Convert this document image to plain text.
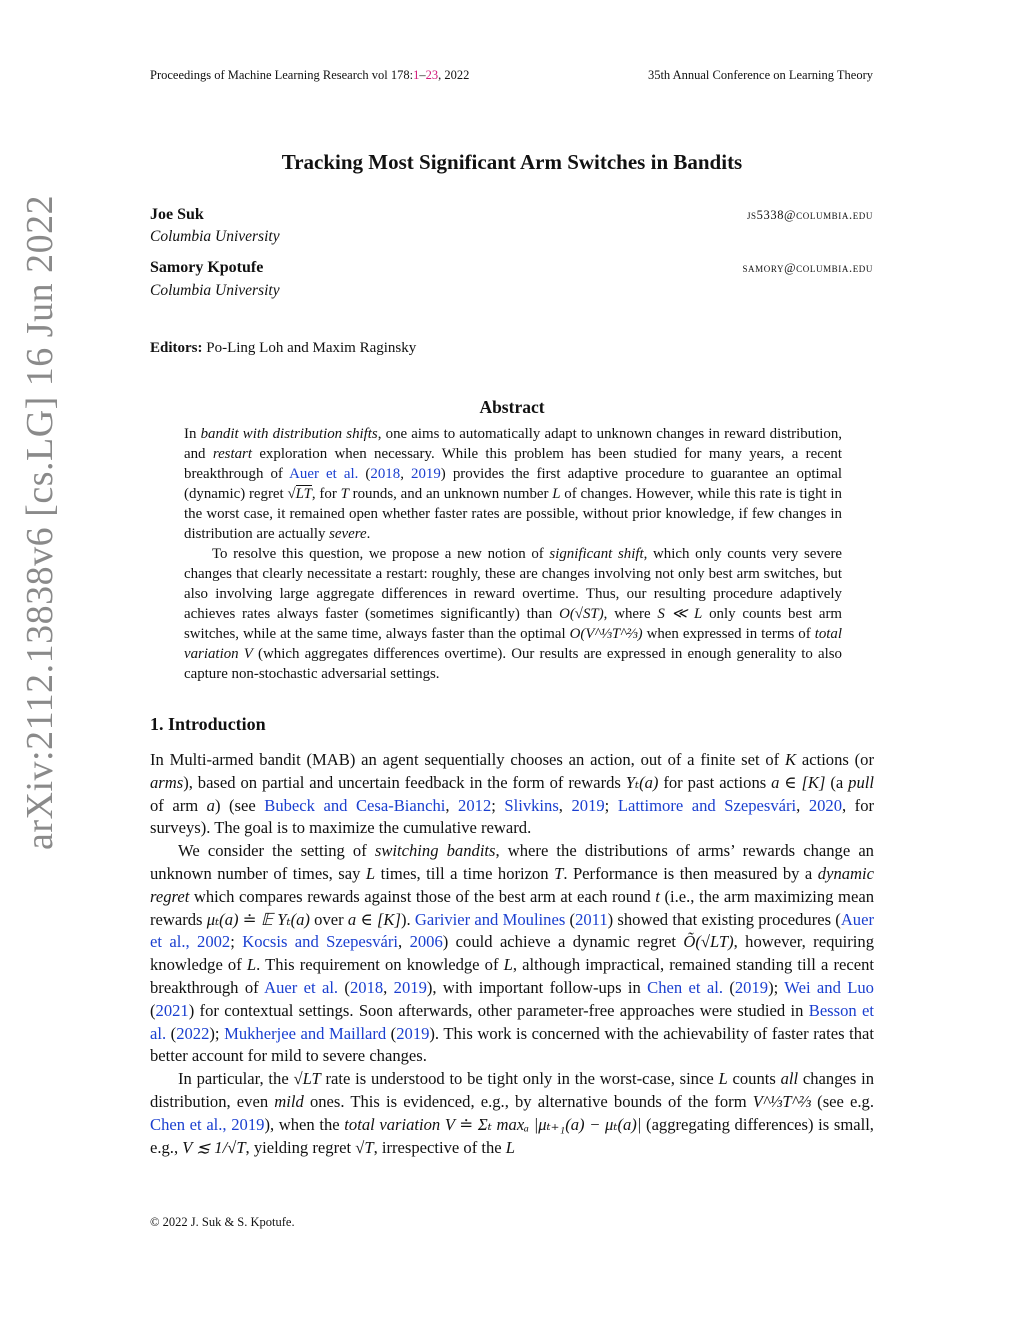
Proceedings of Machine Learning Research vol 178:1–23, 2022	35th Annual Conference on Learning Theory
arXiv:2112.13838v6 [cs.LG] 16 Jun 2022
Tracking Most Significant Arm Switches in Bandits
Joe Suk	js5338@columbia.edu
Columbia University
Samory Kpotufe	samory@columbia.edu
Columbia University
Editors: Po-Ling Loh and Maxim Raginsky
Abstract

In bandit with distribution shifts, one aims to automatically adapt to unknown changes in reward distribution, and restart exploration when necessary. While this problem has been studied for many years, a recent breakthrough of Auer et al. (2018, 2019) provides the first adaptive procedure to guarantee an optimal (dynamic) regret √LT, for T rounds, and an unknown number L of changes. However, while this rate is tight in the worst case, it remained open whether faster rates are possible, without prior knowledge, if few changes in distribution are actually severe.

To resolve this question, we propose a new notion of significant shift, which only counts very severe changes that clearly necessitate a restart: roughly, these are changes involving not only best arm switches, but also involving large aggregate differences in reward overtime. Thus, our resulting procedure adaptively achieves rates always faster (sometimes significantly) than O(√ST), where S ≪ L only counts best arm switches, while at the same time, always faster than the optimal O(V^⅓T^⅔) when expressed in terms of total variation V (which aggregates differences overtime). Our results are expressed in enough generality to also capture non-stochastic adversarial settings.

1. Introduction

In Multi-armed bandit (MAB) an agent sequentially chooses an action, out of a finite set of K actions (or arms), based on partial and uncertain feedback in the form of rewards Yₜ(a) for past actions a ∈ [K] (a pull of arm a) (see Bubeck and Cesa-Bianchi, 2012; Slivkins, 2019; Lattimore and Szepesvári, 2020, for surveys). The goal is to maximize the cumulative reward.

We consider the setting of switching bandits, where the distributions of arms’ rewards change an unknown number of times, say L times, till a time horizon T. Performance is then measured by a dynamic regret which compares rewards against those of the best arm at each round t (i.e., the arm maximizing mean rewards μₜ(a) ≐ 𝔼 Yₜ(a) over a ∈ [K]). Garivier and Moulines (2011) showed that existing procedures (Auer et al., 2002; Kocsis and Szepesvári, 2006) could achieve a dynamic regret Õ(√LT), however, requiring knowledge of L. This requirement on knowledge of L, although impractical, remained standing till a recent breakthrough of Auer et al. (2018, 2019), with important follow-ups in Chen et al. (2019); Wei and Luo (2021) for contextual settings. Soon afterwards, other parameter-free approaches were studied in Besson et al. (2022); Mukherjee and Maillard (2019). This work is concerned with the achievability of faster rates that better account for mild to severe changes.

In particular, the √LT rate is understood to be tight only in the worst-case, since L counts all changes in distribution, even mild ones. This is evidenced, e.g., by alternative bounds of the form V^⅓T^⅔ (see e.g. Chen et al., 2019), when the total variation V ≐ Σₜ maxₐ |μₜ₊₁(a) − μₜ(a)| (aggregating differences) is small, e.g., V ≲ 1/√T, yielding regret √T, irrespective of the L

© 2022 J. Suk & S. Kpotufe.
